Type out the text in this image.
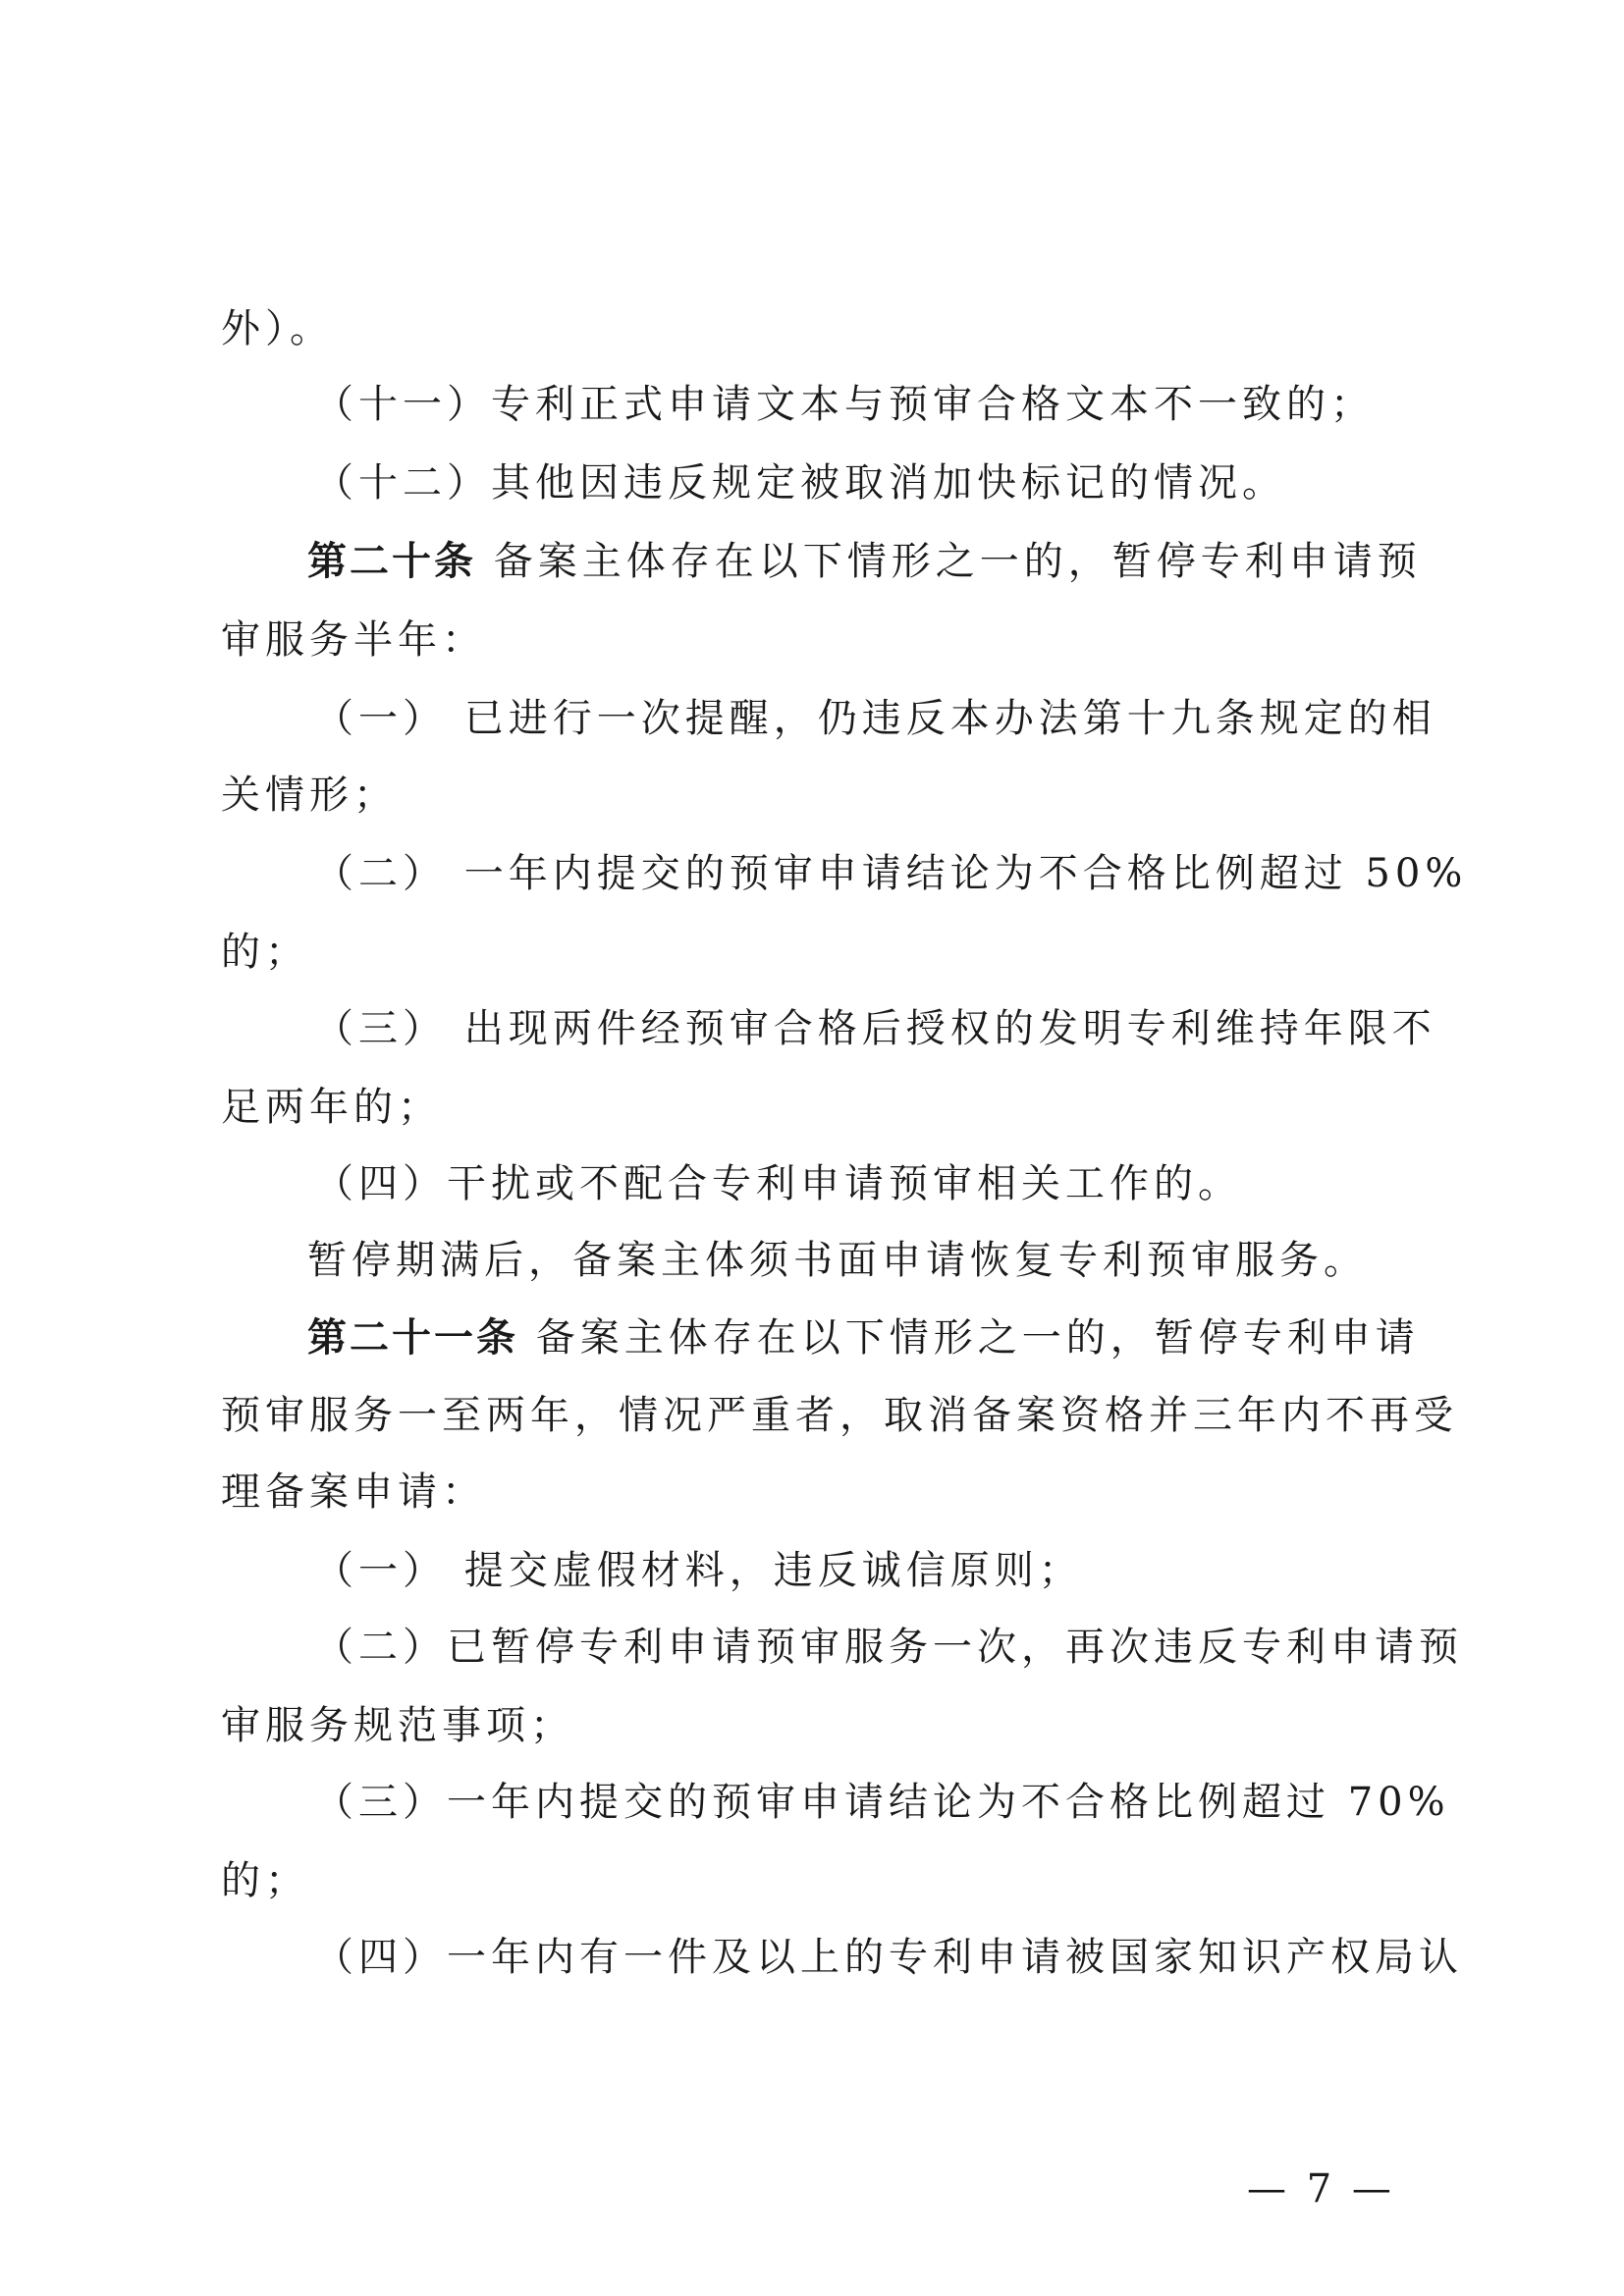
外）。
（十一）专利正式申请文本与预审合格文本不一致的；
（十二）其他因违反规定被取消加快标记的情况。
第二十条 备案主体存在以下情形之一的，暂停专利申请预
审服务半年：
（一） 已进行一次提醒，仍违反本办法第十九条规定的相
关情形；
（二） 一年内提交的预审申请结论为不合格比例超过 50%
的；
（三） 出现两件经预审合格后授权的发明专利维持年限不
足两年的；
（四）干扰或不配合专利申请预审相关工作的。
暂停期满后，备案主体须书面申请恢复专利预审服务。
第二十一条 备案主体存在以下情形之一的，暂停专利申请
预审服务一至两年，情况严重者，取消备案资格并三年内不再受
理备案申请：
（一） 提交虚假材料，违反诚信原则；
（二）已暂停专利申请预审服务一次，再次违反专利申请预
审服务规范事项；
（三）一年内提交的预审申请结论为不合格比例超过 70%
的；
（四）一年内有一件及以上的专利申请被国家知识产权局认
— 7 —
